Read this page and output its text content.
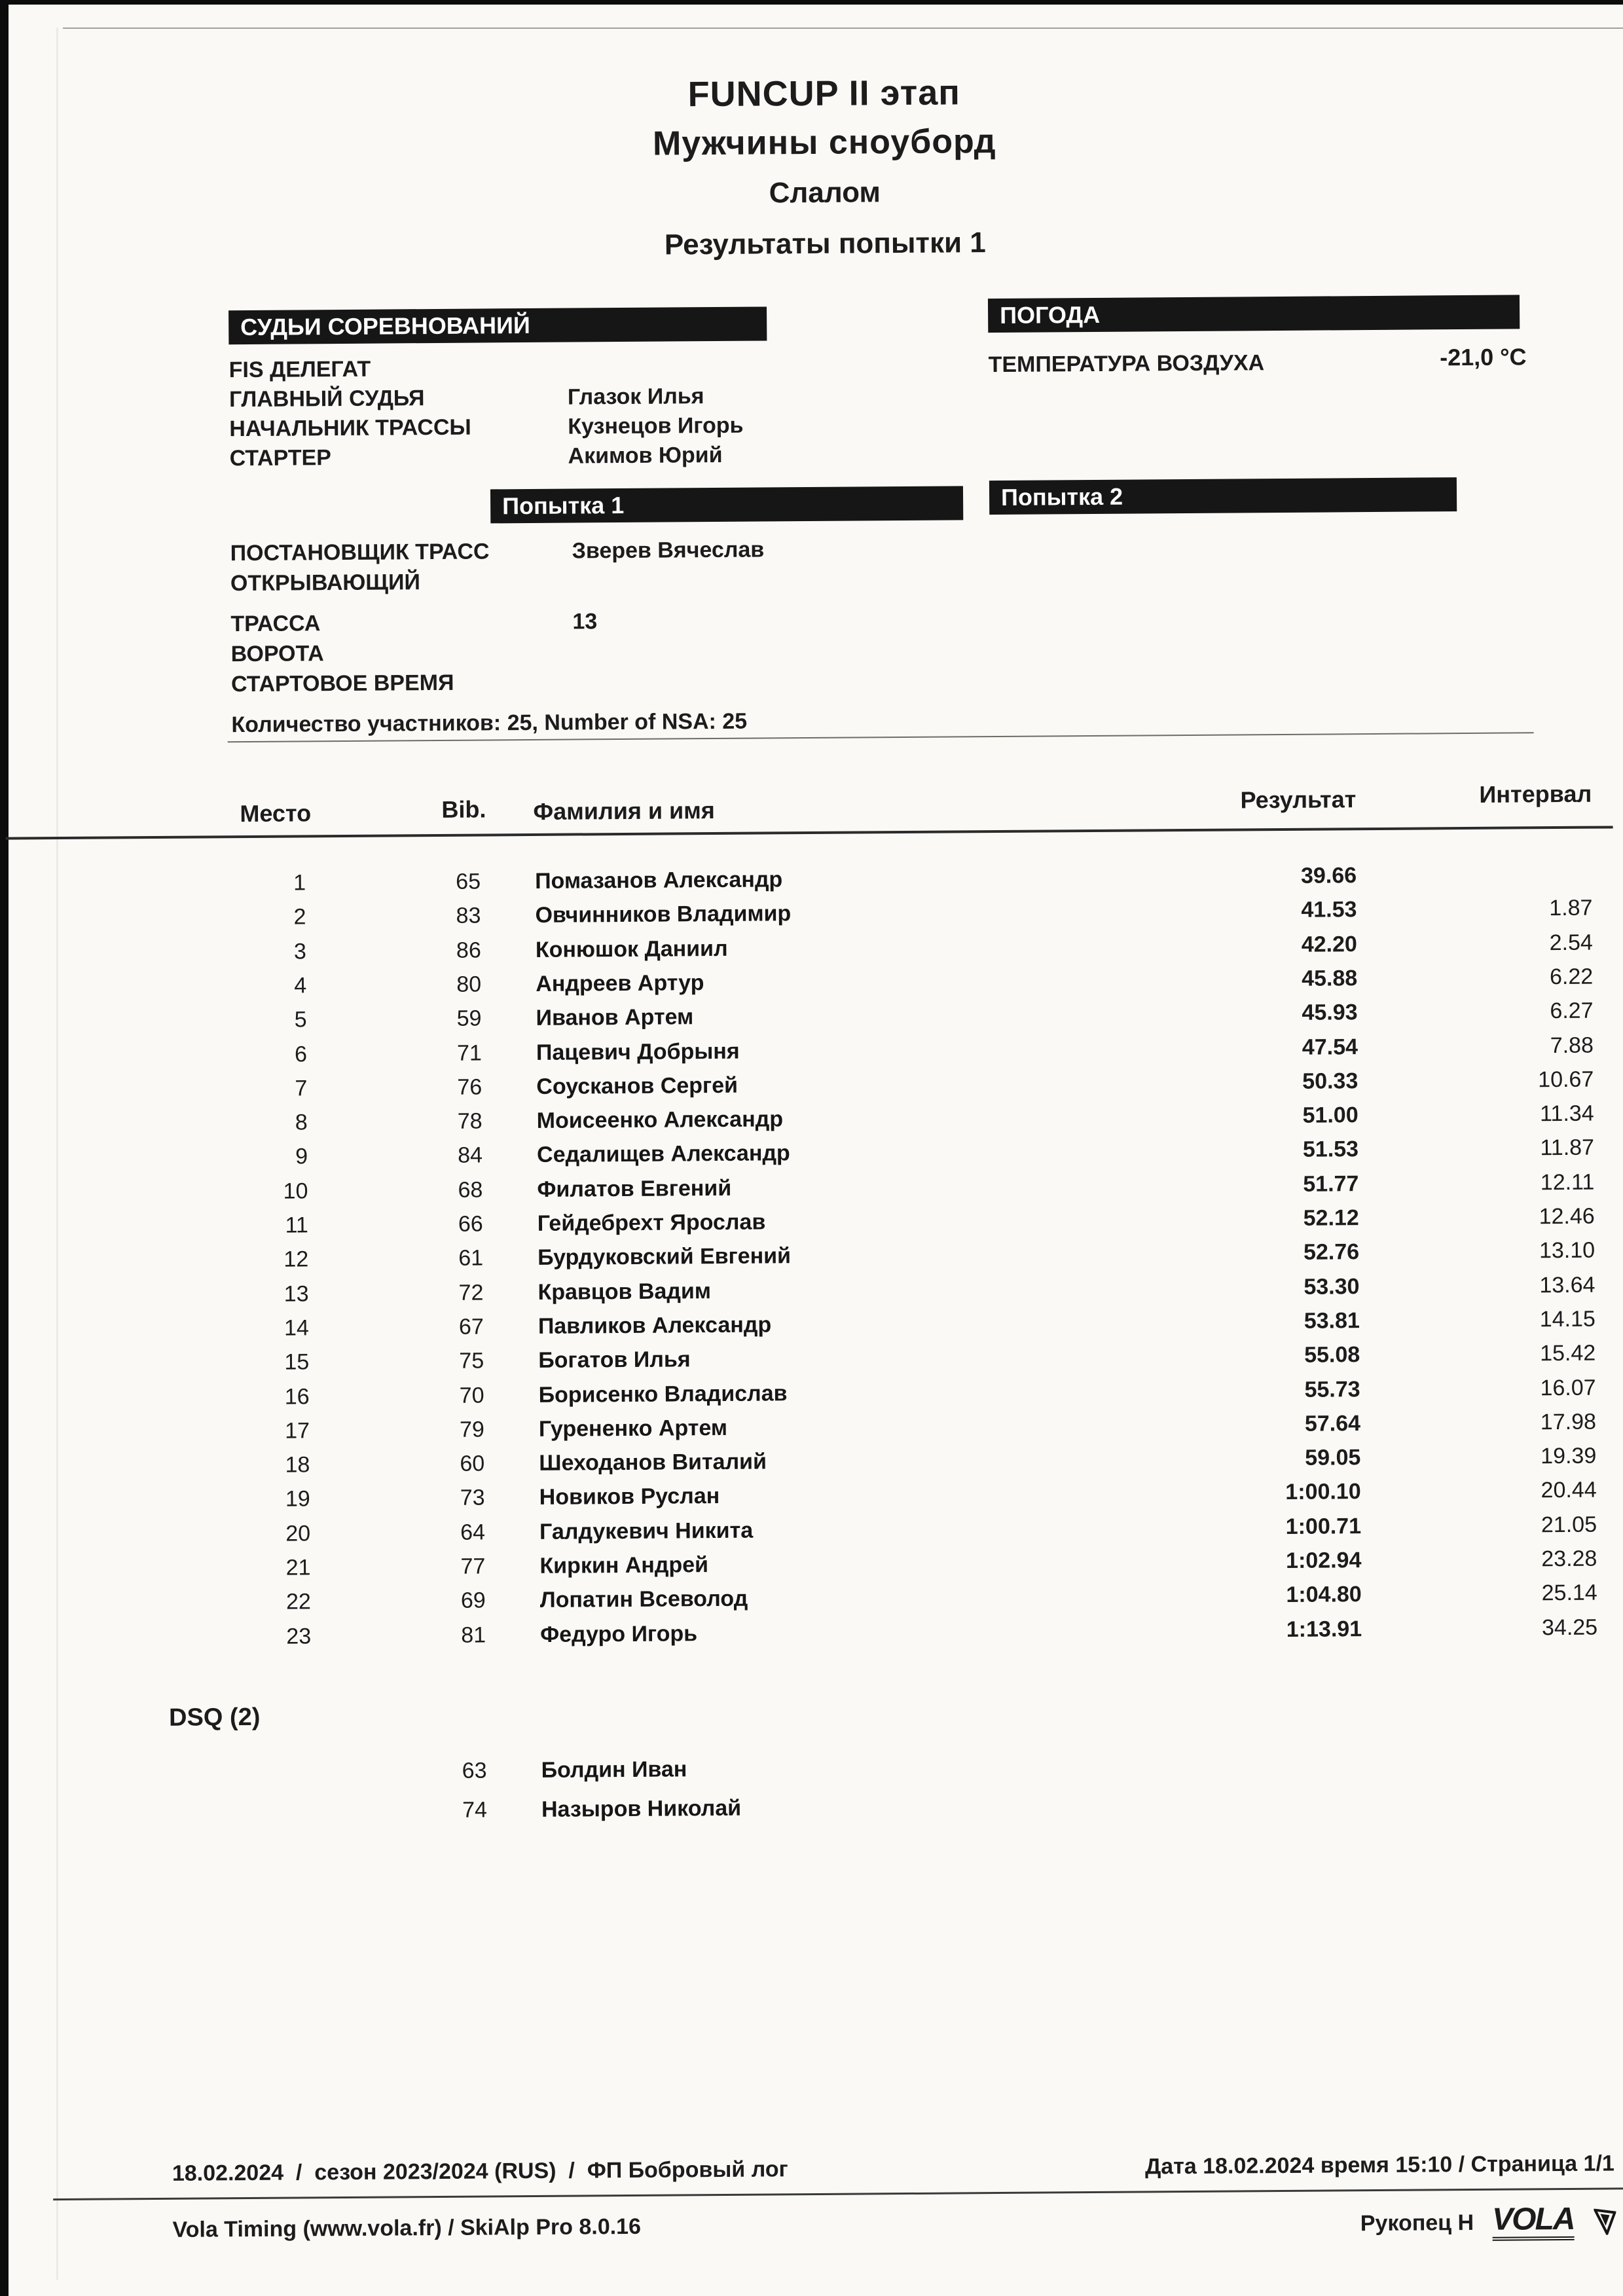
FUNCUP II этап
Мужчины сноуборд
Слалом
Результаты попытки 1
СУДЬИ СОРЕВНОВАНИЙ	ПОГОДА
FIS ДЕЛЕГАТ
ГЛАВНЫЙ СУДЬЯ	Глазок Илья
НАЧАЛЬНИК ТРАССЫ	Кузнецов Игорь
СТАРТЕР	Акимов Юрий
ТЕМПЕРАТУРА ВОЗДУХА	-21,0 °C
Попытка 1	Попытка 2
ПОСТАНОВЩИК ТРАСС	Зверев Вячеслав
ОТКРЫВАЮЩИЙ
ТРАССА	13
ВОРОТА
СТАРТОВОЕ ВРЕМЯ
Количество участников: 25, Number of NSA: 25
Место	Bib. Фамилия и имя	Результат	Интервал
1	65	Помазанов Александр	39.66
2	83	Овчинников Владимир	41.53	1.87
3	86	Конюшок Даниил	42.20	2.54
4	80	Андреев Артур	45.88	6.22
5	59	Иванов Артем	45.93	6.27
6	71	Пацевич Добрыня	47.54	7.88
7	76	Соусканов Сергей	50.33	10.67
8	78	Моисеенко Александр	51.00	11.34
9	84	Седалищев Александр	51.53	11.87
10	68	Филатов Евгений	51.77	12.11
11	66	Гейдебрехт Ярослав	52.12	12.46
12	61	Бурдуковский Евгений	52.76	13.10
13	72	Кравцов Вадим	53.30	13.64
14	67	Павликов Александр	53.81	14.15
15	75	Богатов Илья	55.08	15.42
16	70	Борисенко Владислав	55.73	16.07
17	79	Гурененко Артем	57.64	17.98
18	60	Шеходанов Виталий	59.05	19.39
19	73	Новиков Руслан	1:00.10	20.44
20	64	Галдукевич Никита	1:00.71	21.05
21	77	Киркин Андрей	1:02.94	23.28
22	69	Лопатин Всеволод	1:04.80	25.14
23	81	Федуро Игорь	1:13.91	34.25
DSQ (2)
63	Болдин Иван
74	Назыров Николай
18.02.2024  /  сезон 2023/2024 (RUS)  /  ФП Бобровый лог	Дата 18.02.2024 время 15:10 / Страница 1/1
Vola Timing (www.vola.fr) / SkiAlp Pro 8.0.16	Рукопец Н VOLA
